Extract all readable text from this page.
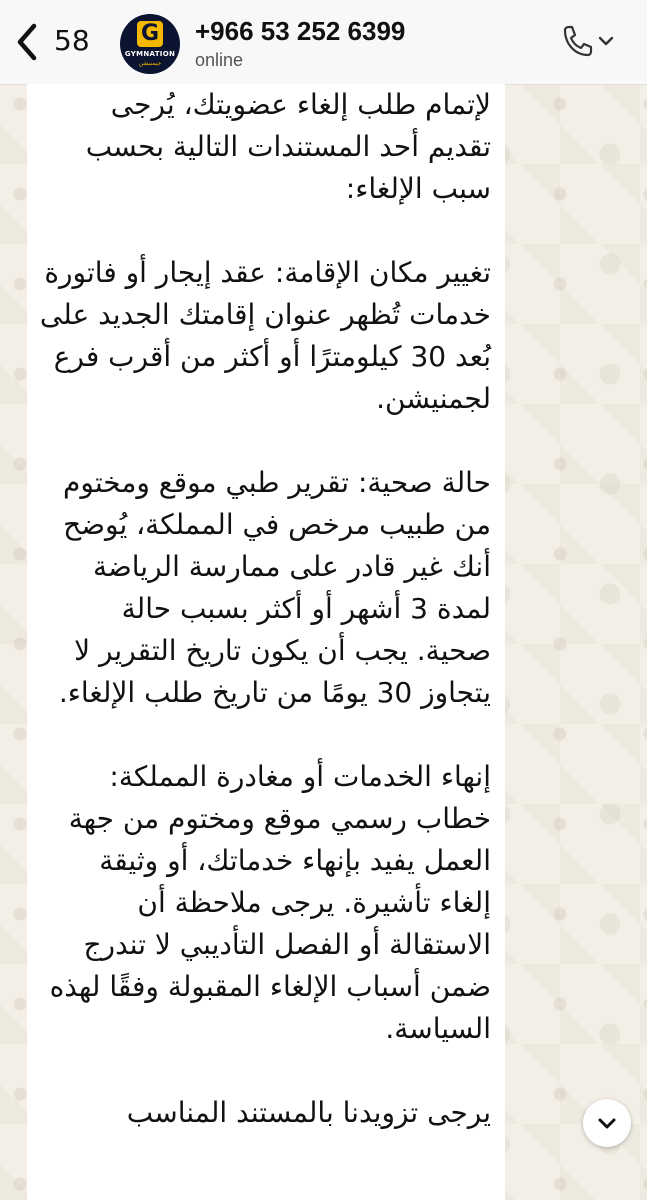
58 G
GYMNATION
جيمنيشن
+966 53 252 6399
online
لإتمام طلب إلغاء عضويتك، يُرجى تقديم أحد المستندات التالية بحسب سبب الإلغاء:
تغيير مكان الإقامة: عقد إيجار أو فاتورة خدمات تُظهر عنوان إقامتك الجديد على بُعد 30 كيلومترًا أو أكثر من أقرب فرع لجمنيشن.
حالة صحية: تقرير طبي موقع ومختوم من طبيب مرخص في المملكة، يُوضح أنك غير قادر على ممارسة الرياضة لمدة 3 أشهر أو أكثر بسبب حالة صحية. يجب أن يكون تاريخ التقرير لا يتجاوز 30 يومًا من تاريخ طلب الإلغاء.
إنهاء الخدمات أو مغادرة المملكة: خطاب رسمي موقع ومختوم من جهة العمل يفيد بإنهاء خدماتك، أو وثيقة إلغاء تأشيرة. يرجى ملاحظة أن الاستقالة أو الفصل التأديبي لا تندرج ضمن أسباب الإلغاء المقبولة وفقًا لهذه السياسة.
يرجى تزويدنا بالمستند المناسب
